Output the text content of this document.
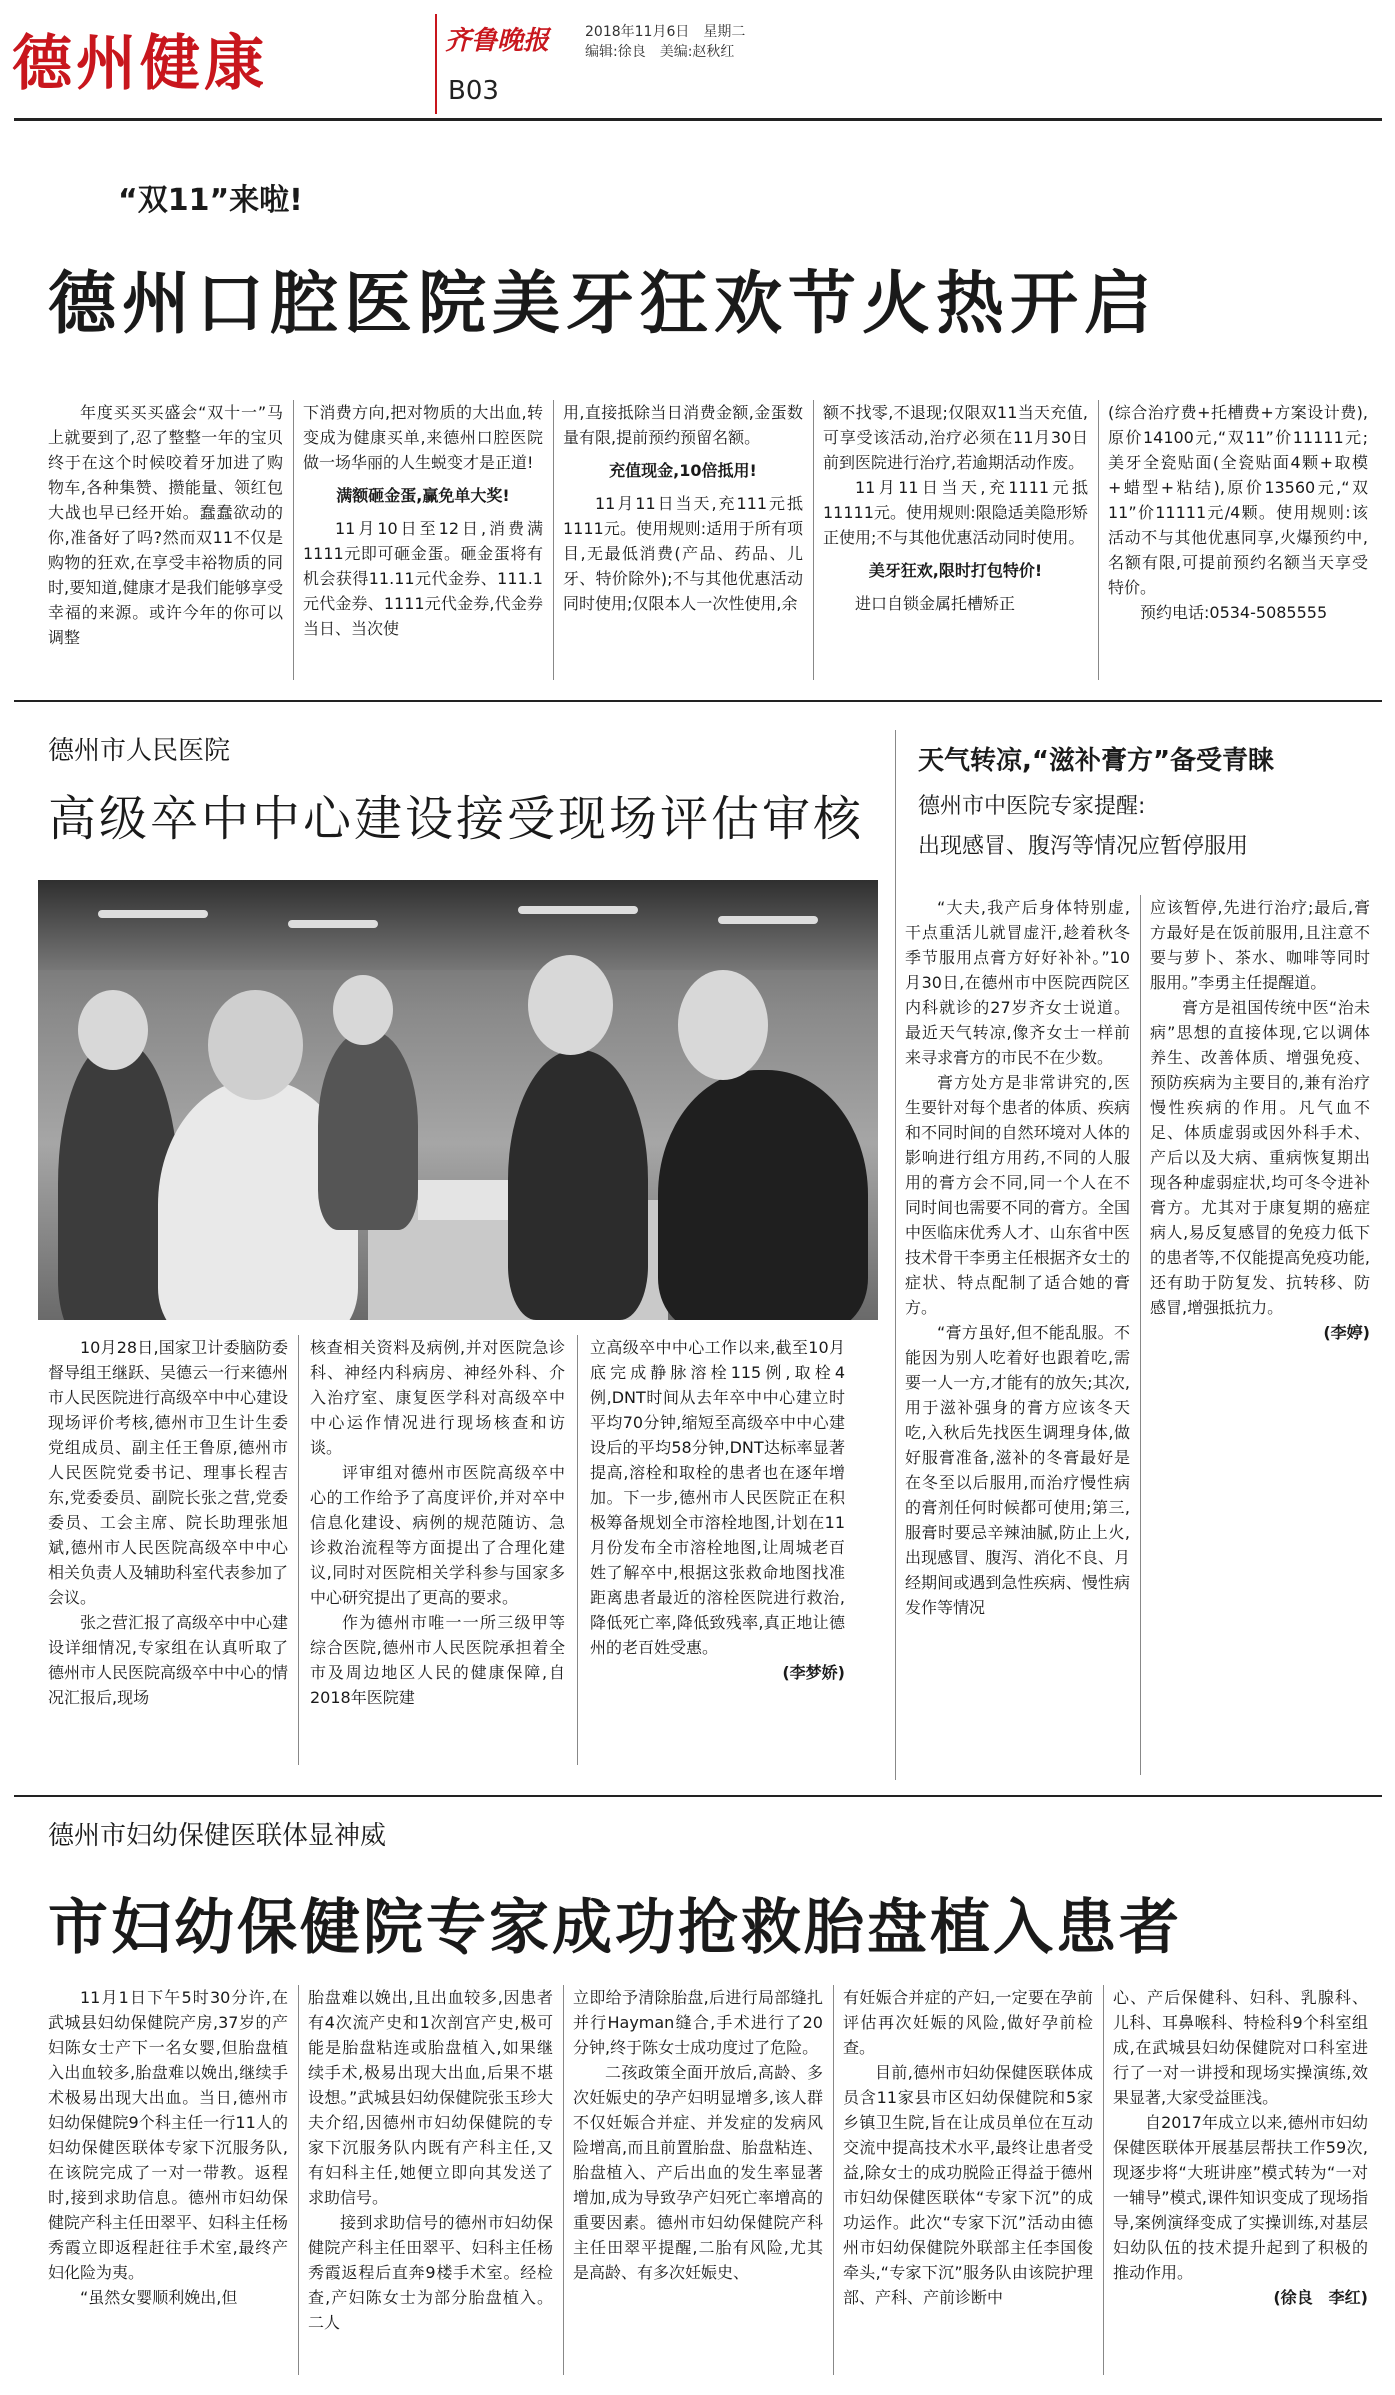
德州健康	齐鲁晚报
B03
2018年11月6日　星期二
编辑:徐良　美编:赵秋红
“双11”来啦!
德州口腔医院美牙狂欢节火热开启

年度买买买盛会“双十一”马上就要到了,忍了整整一年的宝贝终于在这个时候咬着牙加进了购物车,各种集赞、攒能量、领红包大战也早已经开始。蠢蠢欲动的你,准备好了吗?然而双11不仅是购物的狂欢,在享受丰裕物质的同时,要知道,健康才是我们能够享受幸福的来源。或许今年的你可以调整

下消费方向,把对物质的大出血,转变成为健康买单,来德州口腔医院做一场华丽的人生蜕变才是正道!

满额砸金蛋,赢免单大奖!

11月10日至12日,消费满1111元即可砸金蛋。砸金蛋将有机会获得11.11元代金券、111.1元代金券、1111元代金券,代金券当日、当次使

用,直接抵除当日消费金额,金蛋数量有限,提前预约预留名额。

充值现金,10倍抵用!

11月11日当天,充111元抵1111元。使用规则:适用于所有项目,无最低消费(产品、药品、儿牙、特价除外);不与其他优惠活动同时使用;仅限本人一次性使用,余

额不找零,不退现;仅限双11当天充值,可享受该活动,治疗必须在11月30日前到医院进行治疗,若逾期活动作废。

11月11日当天,充1111元抵11111元。使用规则:限隐适美隐形矫正使用;不与其他优惠活动同时使用。

美牙狂欢,限时打包特价!

进口自锁金属托槽矫正

(综合治疗费+托槽费+方案设计费),原价14100元,“双11”价11111元;美牙全瓷贴面(全瓷贴面4颗+取模+蜡型+粘结),原价13560元,“双11”价11111元/4颗。使用规则:该活动不与其他优惠同享,火爆预约中,名额有限,可提前预约名额当天享受特价。

预约电话:0534-5085555

德州市人民医院
高级卒中中心建设接受现场评估审核

10月28日,国家卫计委脑防委督导组王继跃、吴德云一行来德州市人民医院进行高级卒中中心建设现场评价考核,德州市卫生计生委党组成员、副主任王鲁原,德州市人民医院党委书记、理事长程吉东,党委委员、副院长张之营,党委委员、工会主席、院长助理张旭斌,德州市人民医院高级卒中中心相关负责人及辅助科室代表参加了会议。

张之营汇报了高级卒中中心建设详细情况,专家组在认真听取了德州市人民医院高级卒中中心的情况汇报后,现场

核查相关资料及病例,并对医院急诊科、神经内科病房、神经外科、介入治疗室、康复医学科对高级卒中中心运作情况进行现场核查和访谈。

评审组对德州市医院高级卒中心的工作给予了高度评价,并对卒中信息化建设、病例的规范随访、急诊救治流程等方面提出了合理化建议,同时对医院相关学科参与国家多中心研究提出了更高的要求。

作为德州市唯一一所三级甲等综合医院,德州市人民医院承担着全市及周边地区人民的健康保障,自2018年医院建

立高级卒中中心工作以来,截至10月底完成静脉溶栓115例,取栓4例,DNT时间从去年卒中中心建立时平均70分钟,缩短至高级卒中中心建设后的平均58分钟,DNT达标率显著提高,溶栓和取栓的患者也在逐年增加。下一步,德州市人民医院正在积极筹备规划全市溶栓地图,计划在11月份发布全市溶栓地图,让周城老百姓了解卒中,根据这张救命地图找准距离患者最近的溶栓医院进行救治,降低死亡率,降低致残率,真正地让德州的老百姓受惠。

(李梦娇)

天气转凉,“滋补膏方”备受青睐
德州市中医院专家提醒:
出现感冒、腹泻等情况应暂停服用

“大夫,我产后身体特别虚,干点重活儿就冒虚汗,趁着秋冬季节服用点膏方好好补补。”10月30日,在德州市中医院西院区内科就诊的27岁齐女士说道。最近天气转凉,像齐女士一样前来寻求膏方的市民不在少数。

膏方处方是非常讲究的,医生要针对每个患者的体质、疾病和不同时间的自然环境对人体的影响进行组方用药,不同的人服用的膏方会不同,同一个人在不同时间也需要不同的膏方。全国中医临床优秀人才、山东省中医技术骨干李勇主任根据齐女士的症状、特点配制了适合她的膏方。

“膏方虽好,但不能乱服。不能因为别人吃着好也跟着吃,需要一人一方,才能有的放矢;其次,用于滋补强身的膏方应该冬天吃,入秋后先找医生调理身体,做好服膏准备,滋补的冬膏最好是在冬至以后服用,而治疗慢性病的膏剂任何时候都可使用;第三,服膏时要忌辛辣油腻,防止上火,出现感冒、腹泻、消化不良、月经期间或遇到急性疾病、慢性病发作等情况

应该暂停,先进行治疗;最后,膏方最好是在饭前服用,且注意不要与萝卜、茶水、咖啡等同时服用。”李勇主任提醒道。

膏方是祖国传统中医“治未病”思想的直接体现,它以调体养生、改善体质、增强免疫、预防疾病为主要目的,兼有治疗慢性疾病的作用。凡气血不足、体质虚弱或因外科手术、产后以及大病、重病恢复期出现各种虚弱症状,均可冬令进补膏方。尤其对于康复期的癌症病人,易反复感冒的免疫力低下的患者等,不仅能提高免疫功能,还有助于防复发、抗转移、防感冒,增强抵抗力。

(李婷)

德州市妇幼保健医联体显神威
市妇幼保健院专家成功抢救胎盘植入患者

11月1日下午5时30分许,在武城县妇幼保健院产房,37岁的产妇陈女士产下一名女婴,但胎盘植入出血较多,胎盘难以娩出,继续手术极易出现大出血。当日,德州市妇幼保健院9个科主任一行11人的妇幼保健医联体专家下沉服务队,在该院完成了一对一带教。返程时,接到求助信息。德州市妇幼保健院产科主任田翠平、妇科主任杨秀霞立即返程赶往手术室,最终产妇化险为夷。

“虽然女婴顺利娩出,但

胎盘难以娩出,且出血较多,因患者有4次流产史和1次剖宫产史,极可能是胎盘粘连或胎盘植入,如果继续手术,极易出现大出血,后果不堪设想。”武城县妇幼保健院张玉珍大夫介绍,因德州市妇幼保健院的专家下沉服务队内既有产科主任,又有妇科主任,她便立即向其发送了求助信号。

接到求助信号的德州市妇幼保健院产科主任田翠平、妇科主任杨秀霞返程后直奔9楼手术室。经检查,产妇陈女士为部分胎盘植入。二人

立即给予清除胎盘,后进行局部缝扎并行Hayman缝合,手术进行了20分钟,终于陈女士成功度过了危险。

二孩政策全面开放后,高龄、多次妊娠史的孕产妇明显增多,该人群不仅妊娠合并症、并发症的发病风险增高,而且前置胎盘、胎盘粘连、胎盘植入、产后出血的发生率显著增加,成为导致孕产妇死亡率增高的重要因素。德州市妇幼保健院产科主任田翠平提醒,二胎有风险,尤其是高龄、有多次妊娠史、

有妊娠合并症的产妇,一定要在孕前评估再次妊娠的风险,做好孕前检查。

目前,德州市妇幼保健医联体成员含11家县市区妇幼保健院和5家乡镇卫生院,旨在让成员单位在互动交流中提高技术水平,最终让患者受益,除女士的成功脱险正得益于德州市妇幼保健医联体“专家下沉”的成功运作。此次“专家下沉”活动由德州市妇幼保健院外联部主任李国俊牵头,“专家下沉”服务队由该院护理部、产科、产前诊断中

心、产后保健科、妇科、乳腺科、儿科、耳鼻喉科、特检科9个科室组成,在武城县妇幼保健院对口科室进行了一对一讲授和现场实操演练,效果显著,大家受益匪浅。

自2017年成立以来,德州市妇幼保健医联体开展基层帮扶工作59次,现逐步将“大班讲座”模式转为“一对一辅导”模式,课件知识变成了现场指导,案例演绎变成了实操训练,对基层妇幼队伍的技术提升起到了积极的推动作用。

(徐良　李红)
